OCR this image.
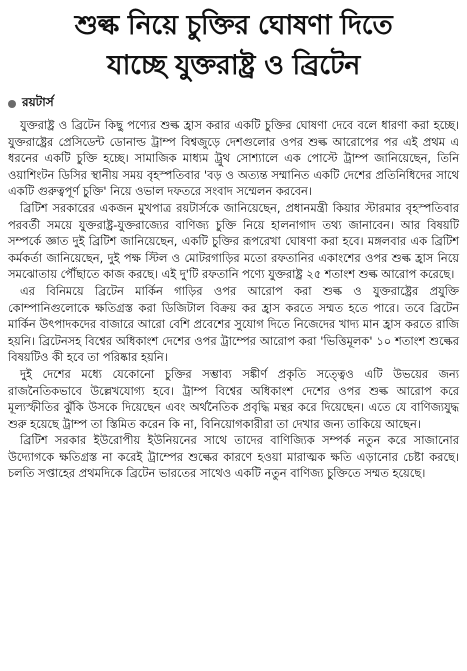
শুল্ক নিয়ে চুক্তির ঘোষণা দিতে
যাচ্ছে যুক্তরাষ্ট্র ও ব্রিটেন
রয়টার্স

যুক্তরাষ্ট্র ও ব্রিটেন কিছু পণ্যের শুল্ক হ্রাস করার একটি চুক্তির ঘোষণা দেবে বলে ধারণা করা হচ্ছে। যুক্তরাষ্ট্রের প্রেসিডেন্ট ডোনাল্ড ট্রাম্প বিশ্বজুড়ে দেশগুলোর ওপর শুল্ক আরোপের পর এই প্রথম এ ধরনের একটি চুক্তি হচ্ছে। সামাজিক মাধ্যম ট্রুথ সোশ্যালে এক পোস্টে ট্রাম্প জানিয়েছেন, তিনি ওয়াশিংটন ডিসির স্থানীয় সময় বৃহস্পতিবার 'বড় ও অত্যন্ত সম্মানিত একটি দেশের প্রতিনিধিদের সাথে একটি গুরুত্বপূর্ণ চুক্তি' নিয়ে ওভাল দফতরে সংবাদ সম্মেলন করবেন।

ব্রিটিশ সরকারের একজন মুখপাত্র রয়টার্সকে জানিয়েছেন, প্রধানমন্ত্রী কিয়ার স্টারমার বৃহস্পতিবার পরবর্তী সময়ে যুক্তরাষ্ট্র-যুক্তরাজ্যের বাণিজ্য চুক্তি নিয়ে হালনাগাদ তথ্য জানাবেন। আর বিষয়টি সম্পর্কে জ্ঞাত দুই ব্রিটিশ জানিয়েছেন, একটি চুক্তির রূপরেখা ঘোষণা করা হবে। মঙ্গলবার এক ব্রিটিশ কর্মকর্তা জানিয়েছেন, দুই পক্ষ স্টিল ও মোটরগাড়ির মতো রফতানির একাংশের ওপর শুল্ক হ্রাস নিয়ে সমঝোতায় পৌঁছাতে কাজ করছে। এই দু'টি রফতানি পণ্যে যুক্তরাষ্ট্র ২৫ শতাংশ শুল্ক আরোপ করেছে।

এর বিনিময়ে ব্রিটেন মার্কিন গাড়ির ওপর আরোপ করা শুল্ক ও যুক্তরাষ্ট্রের প্রযুক্তি কোম্পানিগুলোকে ক্ষতিগ্রস্ত করা ডিজিটাল বিক্রয় কর হ্রাস করতে সম্মত হতে পারে। তবে ব্রিটেন মার্কিন উৎপাদকদের বাজারে আরো বেশি প্রবেশের সুযোগ দিতে নিজেদের খাদ্য মান হ্রাস করতে রাজি হয়নি। ব্রিটেনসহ বিশ্বের অধিকাংশ দেশের ওপর ট্রাম্পের আরোপ করা 'ভিত্তিমূলক' ১০ শতাংশ শুল্কের বিষয়টিও কী হবে তা পরিষ্কার হয়নি।

দুই দেশের মধ্যে যেকোনো চুক্তির সম্ভাব্য সঙ্কীর্ণ প্রকৃতি সত্ত্বেও এটি উভয়ের জন্য রাজনৈতিকভাবে উল্লেখযোগ্য হবে। ট্রাম্প বিশ্বের অধিকাংশ দেশের ওপর শুল্ক আরোপ করে মূল্যস্ফীতির ঝুঁকি উসকে দিয়েছেন এবং অর্থনৈতিক প্রবৃদ্ধি মন্থর করে দিয়েছেন। এতে যে বাণিজ্যযুদ্ধ শুরু হয়েছে ট্রাম্প তা স্তিমিত করেন কি না, বিনিয়োগকারীরা তা দেখার জন্য তাকিয়ে আছেন।

ব্রিটিশ সরকার ইউরোপীয় ইউনিয়নের সাথে তাদের বাণিজ্যিক সম্পর্ক নতুন করে সাজানোর উদ্যোগকে ক্ষতিগ্রস্ত না করেই ট্রাম্পের শুল্কের কারণে হওয়া মারাত্মক ক্ষতি এড়ানোর চেষ্টা করছে। চলতি সপ্তাহের প্রথমদিকে ব্রিটেন ভারতের সাথেও একটি নতুন বাণিজ্য চুক্তিতে সম্মত হয়েছে।
